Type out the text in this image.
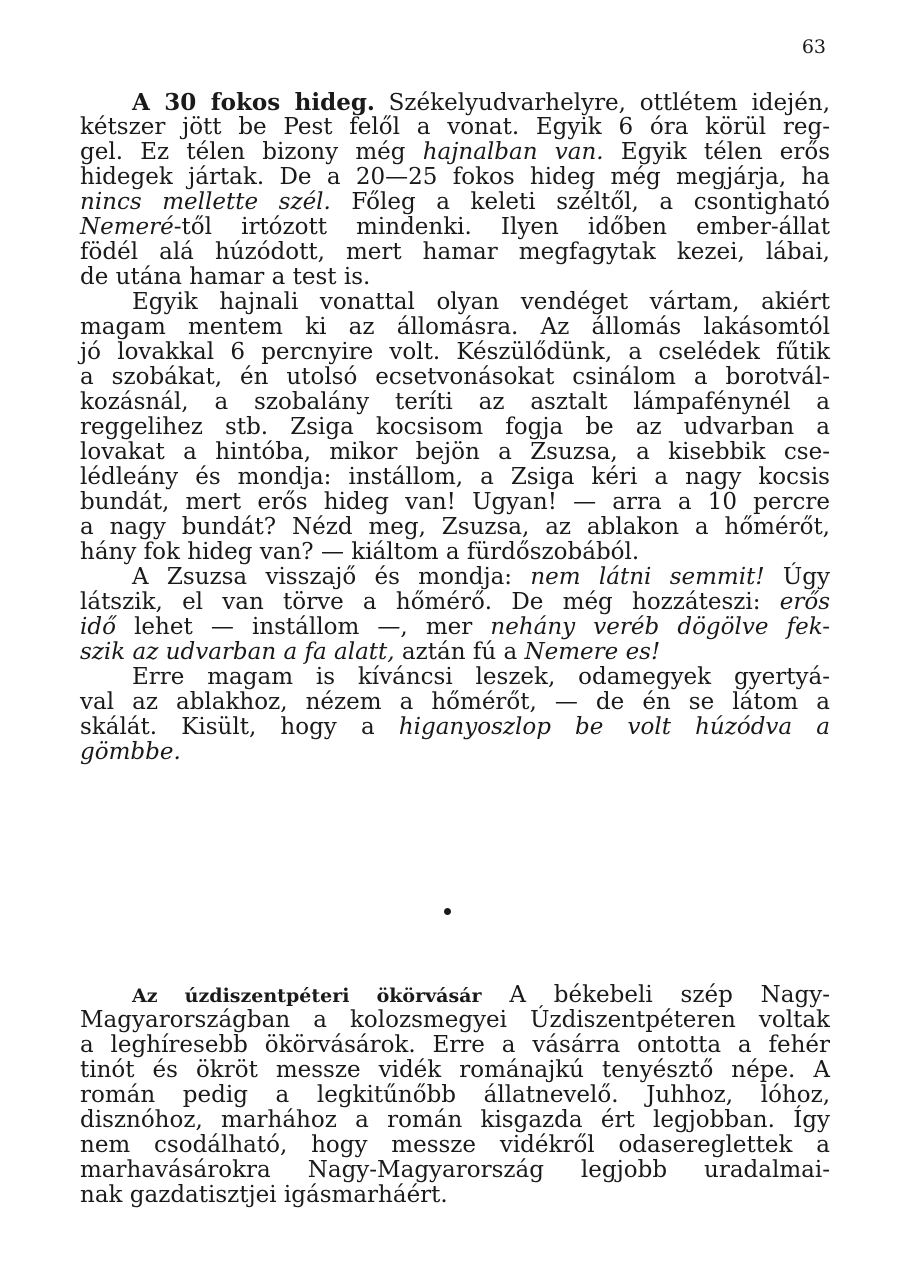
63
A 30 fokos hideg. Székelyudvarhelyre, ottlétem idején,
kétszer jött be Pest felől a vonat. Egyik 6 óra körül reg-
gel. Ez télen bizony még hajnalban van. Egyik télen erős
hidegek jártak. De a 20—25 fokos hideg még megjárja, ha
nincs mellette szél. Főleg a keleti széltől, a csontigható
Nemeré-től irtózott mindenki. Ilyen időben ember-állat
födél alá húzódott, mert hamar megfagytak kezei, lábai,
de utána hamar a test is.
Egyik hajnali vonattal olyan vendéget vártam, akiért
magam mentem ki az állomásra. Az állomás lakásomtól
jó lovakkal 6 percnyire volt. Készülődünk, a cselédek fűtik
a szobákat, én utolsó ecsetvonásokat csinálom a borotvál-
kozásnál, a szobalány teríti az asztalt lámpafénynél a
reggelihez stb. Zsiga kocsisom fogja be az udvarban a
lovakat a hintóba, mikor bejön a Zsuzsa, a kisebbik cse-
lédleány és mondja: instállom, a Zsiga kéri a nagy kocsis
bundát, mert erős hideg van! Ugyan! — arra a 10 percre
a nagy bundát? Nézd meg, Zsuzsa, az ablakon a hőmérőt,
hány fok hideg van? — kiáltom a fürdőszobából.
A Zsuzsa visszajő és mondja: nem látni semmit! Úgy
látszik, el van törve a hőmérő. De még hozzáteszi: erős
idő lehet — instállom —, mer nehány veréb dögölve fek-
szik az udvarban a fa alatt, aztán fú a Nemere es!
Erre magam is kíváncsi leszek, odamegyek gyertyá-
val az ablakhoz, nézem a hőmérőt, — de én se látom a
skálát. Kisült, hogy a higanyoszlop be volt húzódva a
gömbbe.
Az úzdiszentpéteri ökörvásár A békebeli szép Nagy-
Magyarországban a kolozsmegyei Úzdiszentpéteren voltak
a leghíresebb ökörvásárok. Erre a vásárra ontotta a fehér
tinót és ökröt messze vidék románajkú tenyésztő népe. A
román pedig a legkitűnőbb állatnevelő. Juhhoz, lóhoz,
disznóhoz, marhához a román kisgazda ért legjobban. Így
nem csodálható, hogy messze vidékről odasereglettek a
marhavásárokra Nagy-Magyarország legjobb uradalmai-
nak gazdatisztjei igásmarháért.
